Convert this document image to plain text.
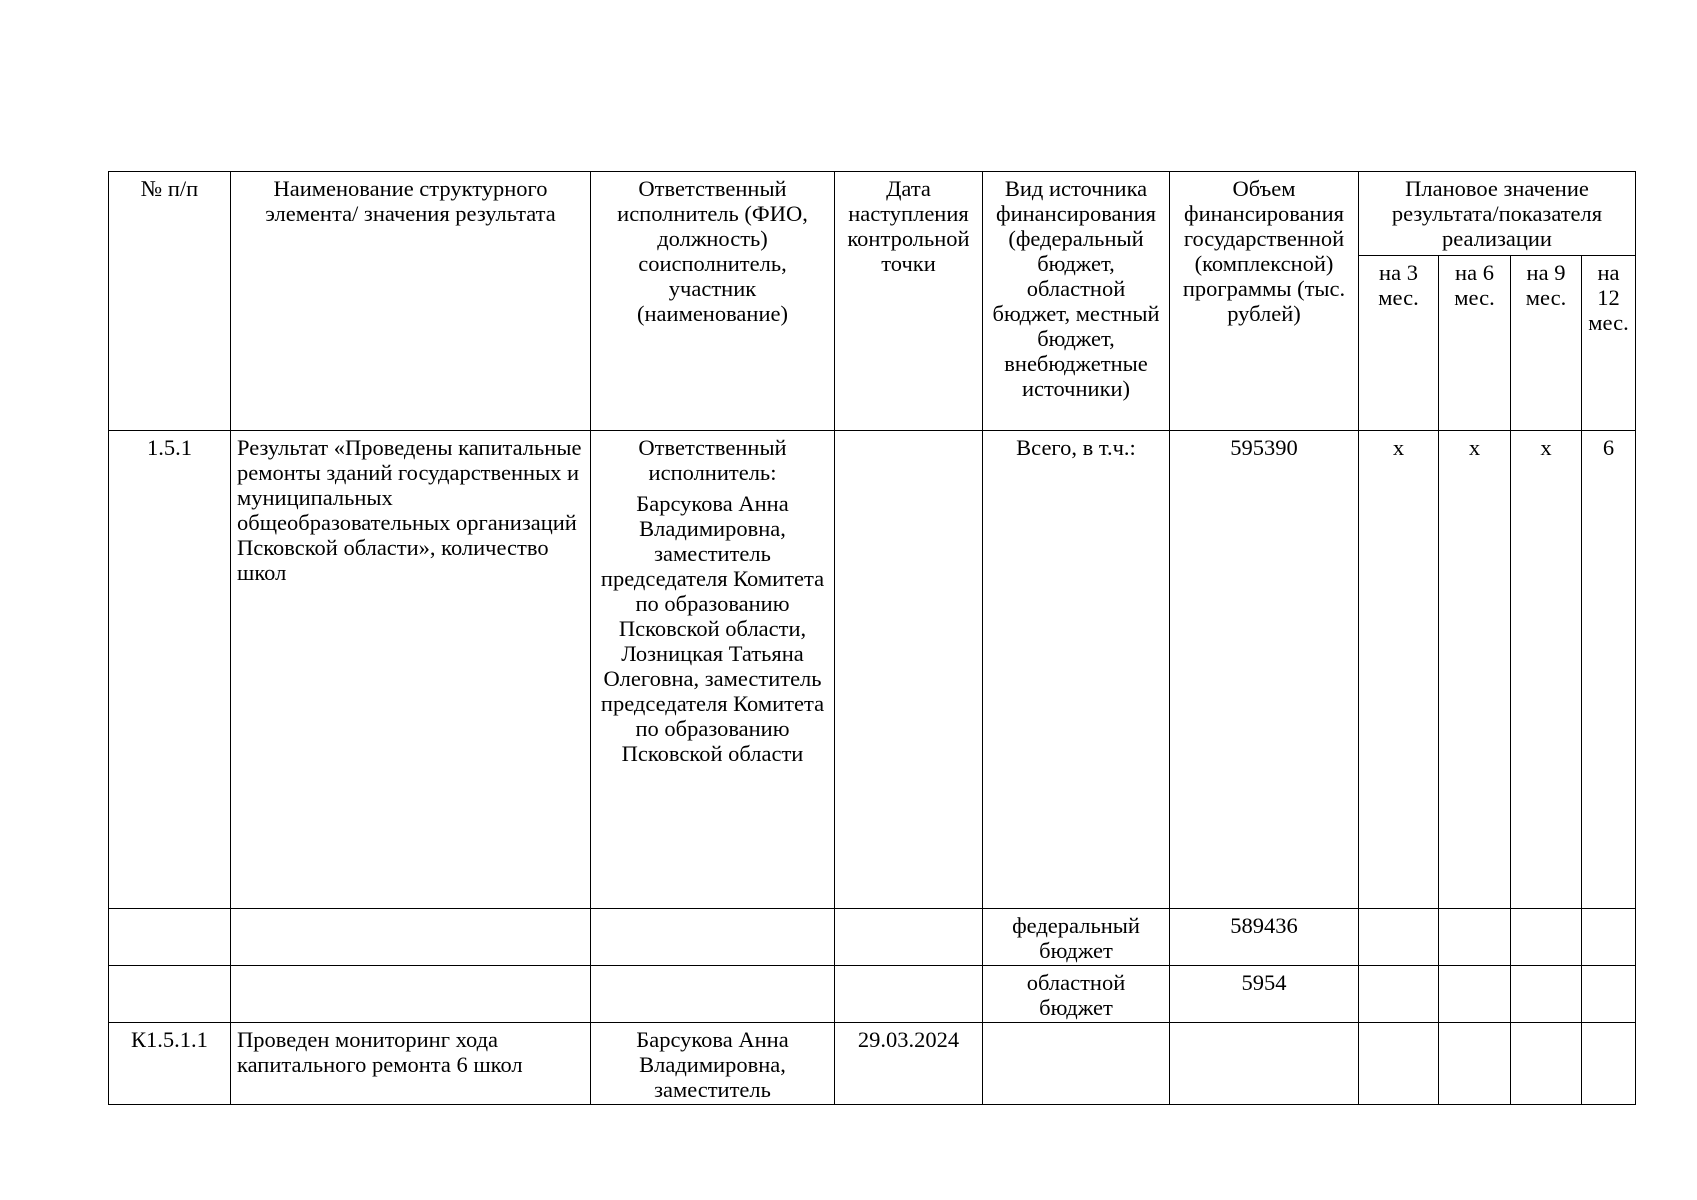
№ п/п	Наименование структурного элемента/ значения результата	Ответственный исполнитель (ФИО, должность) соисполнитель, участник (наименование)	Дата наступления контрольной точки	Вид источника финансирования (федеральный бюджет, областной бюджет, местный бюджет, внебюджетные источники)	Объем финансирования государственной (комплексной) программы (тыс. рублей)	Плановое значение результата/показателя реализации			
						на 3 мес.	на 6 мес.	на 9 мес.	на 12 мес.
1.5.1	Результат «Проведены капитальные ремонты зданий государственных и муниципальных общеобразовательных организаций Псковской области», количество школ	Ответственный исполнитель:
Барсукова Анна Владимировна, заместитель председателя Комитета по образованию Псковской области, Лозницкая Татьяна Олеговна, заместитель председателя Комитета по образованию Псковской области		Всего, в т.ч.:	595390	х	х	х	6
				федеральный бюджет	589436				
				областной бюджет	5954				
К1.5.1.1	Проведен мониторинг хода капитального ремонта 6 школ	Барсукова Анна Владимировна, заместитель	29.03.2024						
